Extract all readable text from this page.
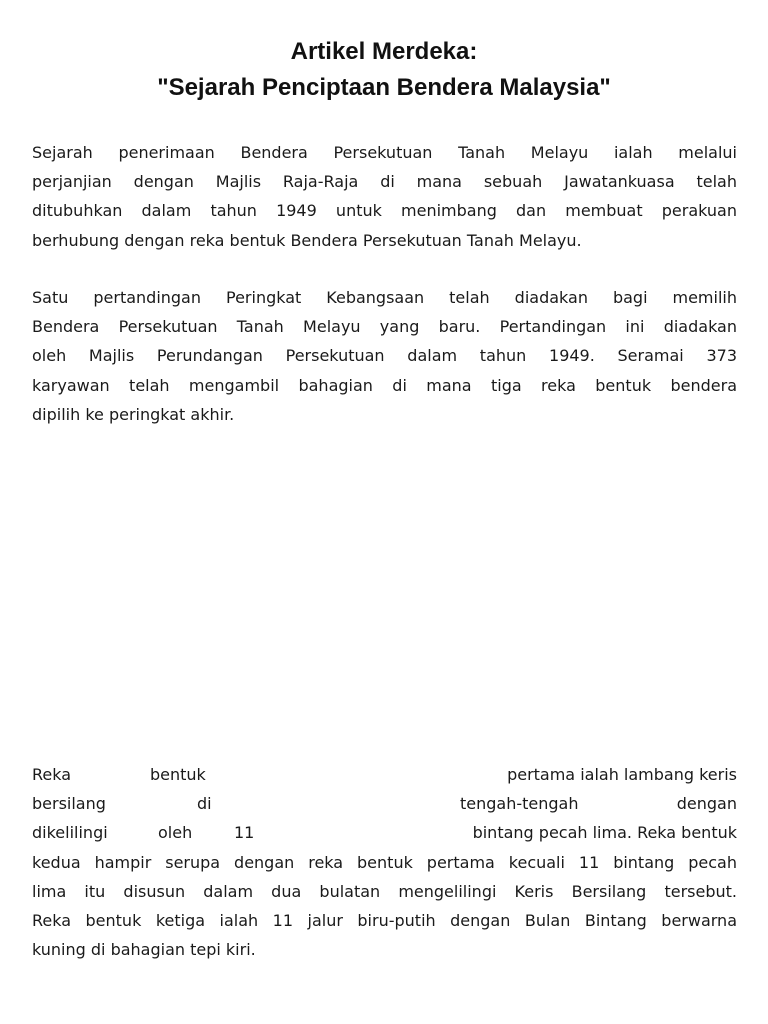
Artikel Merdeka:
"Sejarah Penciptaan Bendera Malaysia"

Sejarah penerimaan Bendera Persekutuan Tanah Melayu ialah melalui
perjanjian dengan Majlis Raja-Raja di mana sebuah Jawatankuasa telah
ditubuhkan dalam tahun 1949 untuk menimbang dan membuat perakuan
berhubung dengan reka bentuk Bendera Persekutuan Tanah Melayu.

Satu pertandingan Peringkat Kebangsaan telah diadakan bagi memilih
Bendera Persekutuan Tanah Melayu yang baru. Pertandingan ini diadakan
oleh Majlis Perundangan Persekutuan dalam tahun 1949. Seramai 373
karyawan telah mengambil bahagian di mana tiga reka bentuk bendera
dipilih ke peringkat akhir.

Reka	bentuk	pertama ialah lambang keris
bersilang	di	tengah-tengah	dengan
dikelilingi	oleh	11	bintang pecah lima. Reka bentuk
kedua hampir serupa dengan reka bentuk pertama kecuali 11 bintang pecah
lima itu disusun dalam dua bulatan mengelilingi Keris Bersilang tersebut.
Reka bentuk ketiga ialah 11 jalur biru-putih dengan Bulan Bintang berwarna
kuning di bahagian tepi kiri.
